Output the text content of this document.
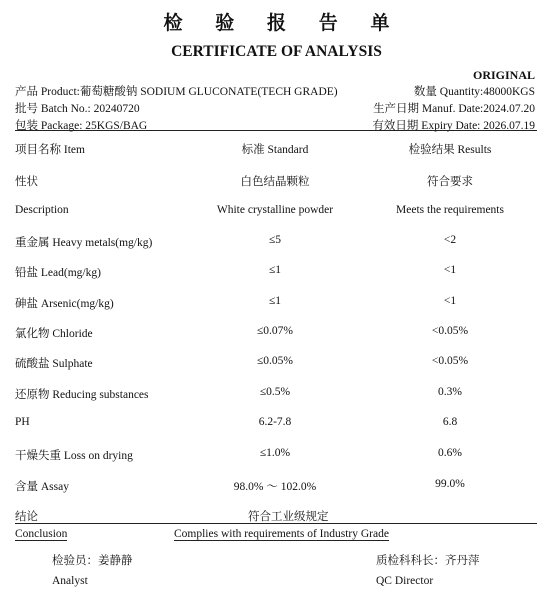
检 验 报 告 单
CERTIFICATE OF ANALYSIS
ORIGINAL
产品 Product:葡萄糖酸钠 SODIUM GLUCONATE(TECH GRADE)	数量 Quantity:48000KGS
批号 Batch No.: 20240720	生产日期 Manuf. Date:2024.07.20
包装 Package: 25KGS/BAG	有效日期 Expiry Date: 2026.07.19
项目名称 Item	标准 Standard	检验结果 Results
性状	白色结晶颗粒	符合要求
Description	White crystalline powder	Meets the requirements
重金属 Heavy metals(mg/kg)	≤5	<2
铅盐 Lead(mg/kg)	≤1	<1
砷盐 Arsenic(mg/kg)	≤1	<1
氯化物 Chloride	≤0.07%	<0.05%
硫酸盐 Sulphate	≤0.05%	<0.05%
还原物 Reducing substances	≤0.5%	0.3%
PH	6.2-7.8	6.8
干燥失重 Loss on drying	≤1.0%	0.6%
含量 Assay	98.0% ～ 102.0%	99.0%
结论	符合工业级规定
Conclusion	Complies with requirements of Industry Grade
检验员：姜静静	质检科科长：齐丹萍
Analyst	QC Director
